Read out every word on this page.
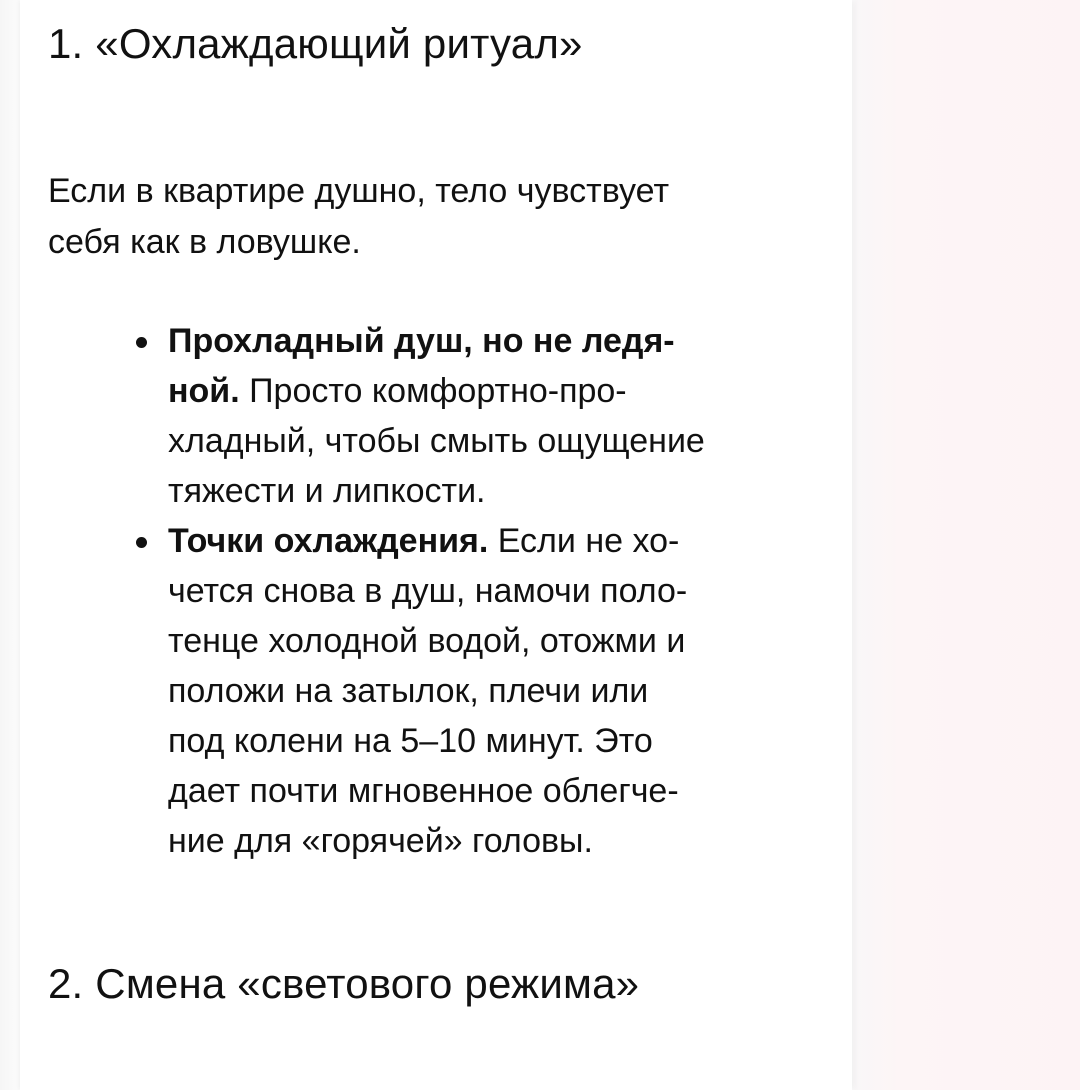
1. «Охлаждающий ритуал»

Если в квартире душно, тело чувствует
себя как в ловушке.

Прохладный душ, но не ледя-
ной. Просто комфортно-про-
хладный, чтобы смыть ощущение
тяжести и липкости.
Точки охлаждения. Если не хо-
чется снова в душ, намочи поло-
тенце холодной водой, отожми и
положи на затылок, плечи или
под колени на 5–10 минут. Это
дает почти мгновенное облегче-
ние для «горячей» головы.
2. Смена «светового режима»
